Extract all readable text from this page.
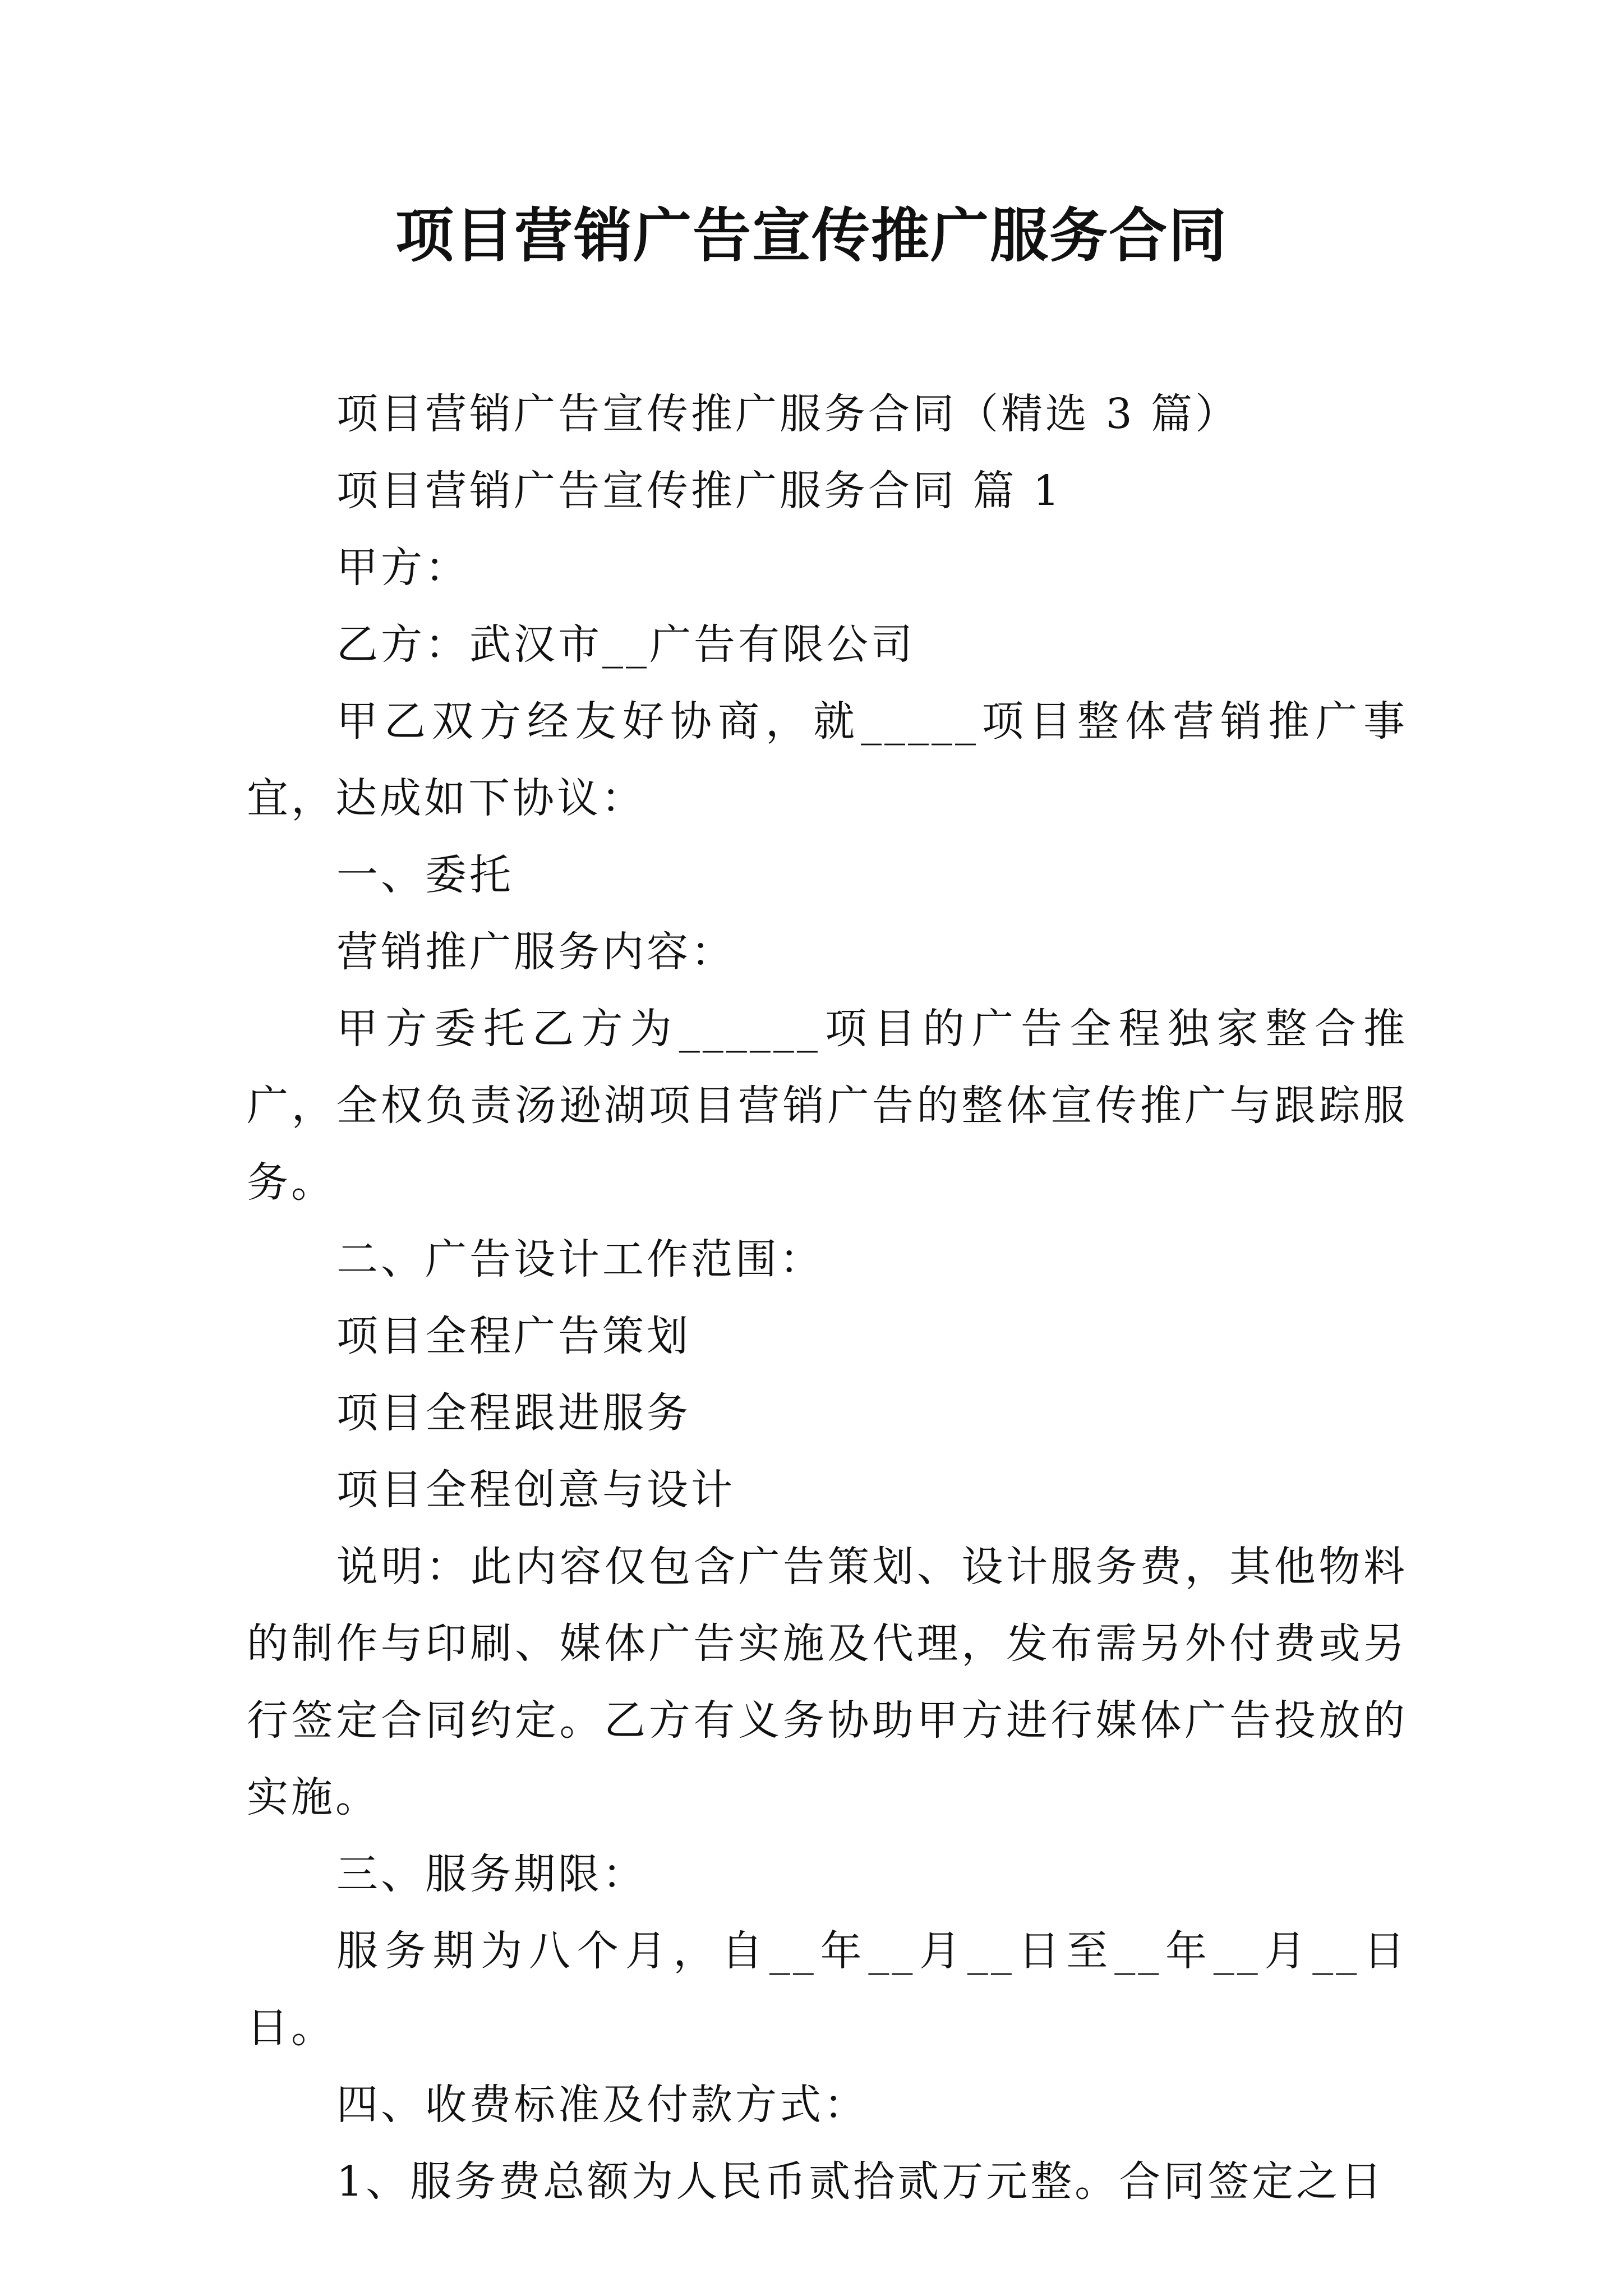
项目营销广告宣传推广服务合同

项目营销广告宣传推广服务合同（精选 3 篇）

项目营销广告宣传推广服务合同 篇 1

甲方：

乙方：武汉市__广告有限公司

甲乙双方经友好协商，就_____项目整体营销推广事宜，达成如下协议：

一、委托

营销推广服务内容：

甲方委托乙方为______项目的广告全程独家整合推广，全权负责汤逊湖项目营销广告的整体宣传推广与跟踪服务。

二、广告设计工作范围：

项目全程广告策划

项目全程跟进服务

项目全程创意与设计

说明：此内容仅包含广告策划、设计服务费，其他物料的制作与印刷、媒体广告实施及代理，发布需另外付费或另行签定合同约定。乙方有义务协助甲方进行媒体广告投放的实施。

三、服务期限：

服务期为八个月，自__年__月__日至__年__月__日日。

四、收费标准及付款方式：

1、服务费总额为人民币贰拾贰万元整。合同签定之日
